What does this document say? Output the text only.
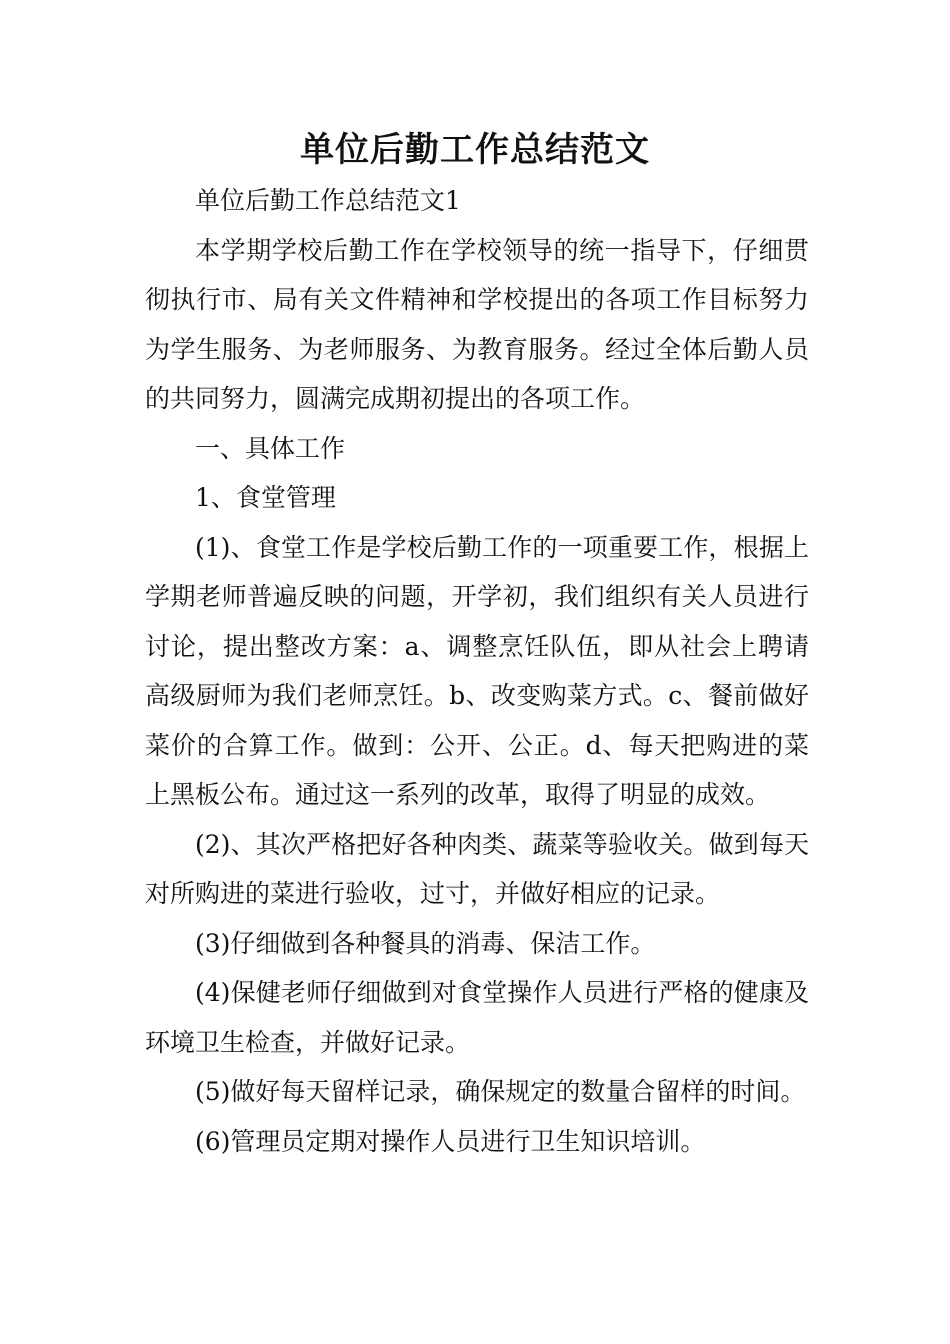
单位后勤工作总结范文

单位后勤工作总结范文1

本学期学校后勤工作在学校领导的统一指导下，仔细贯彻执行市、局有关文件精神和学校提出的各项工作目标努力为学生服务、为老师服务、为教育服务。经过全体后勤人员的共同努力，圆满完成期初提出的各项工作。

一、具体工作

1、食堂管理

(1)、食堂工作是学校后勤工作的一项重要工作，根据上学期老师普遍反映的问题，开学初，我们组织有关人员进行讨论，提出整改方案：a、调整烹饪队伍，即从社会上聘请高级厨师为我们老师烹饪。b、改变购菜方式。c、餐前做好菜价的合算工作。做到：公开、公正。d、每天把购进的菜上黑板公布。通过这一系列的改革，取得了明显的成效。

(2)、其次严格把好各种肉类、蔬菜等验收关。做到每天对所购进的菜进行验收，过寸，并做好相应的记录。

(3)仔细做到各种餐具的消毒、保洁工作。

(4)保健老师仔细做到对食堂操作人员进行严格的健康及环境卫生检查，并做好记录。

(5)做好每天留样记录，确保规定的数量合留样的时间。

(6)管理员定期对操作人员进行卫生知识培训。
